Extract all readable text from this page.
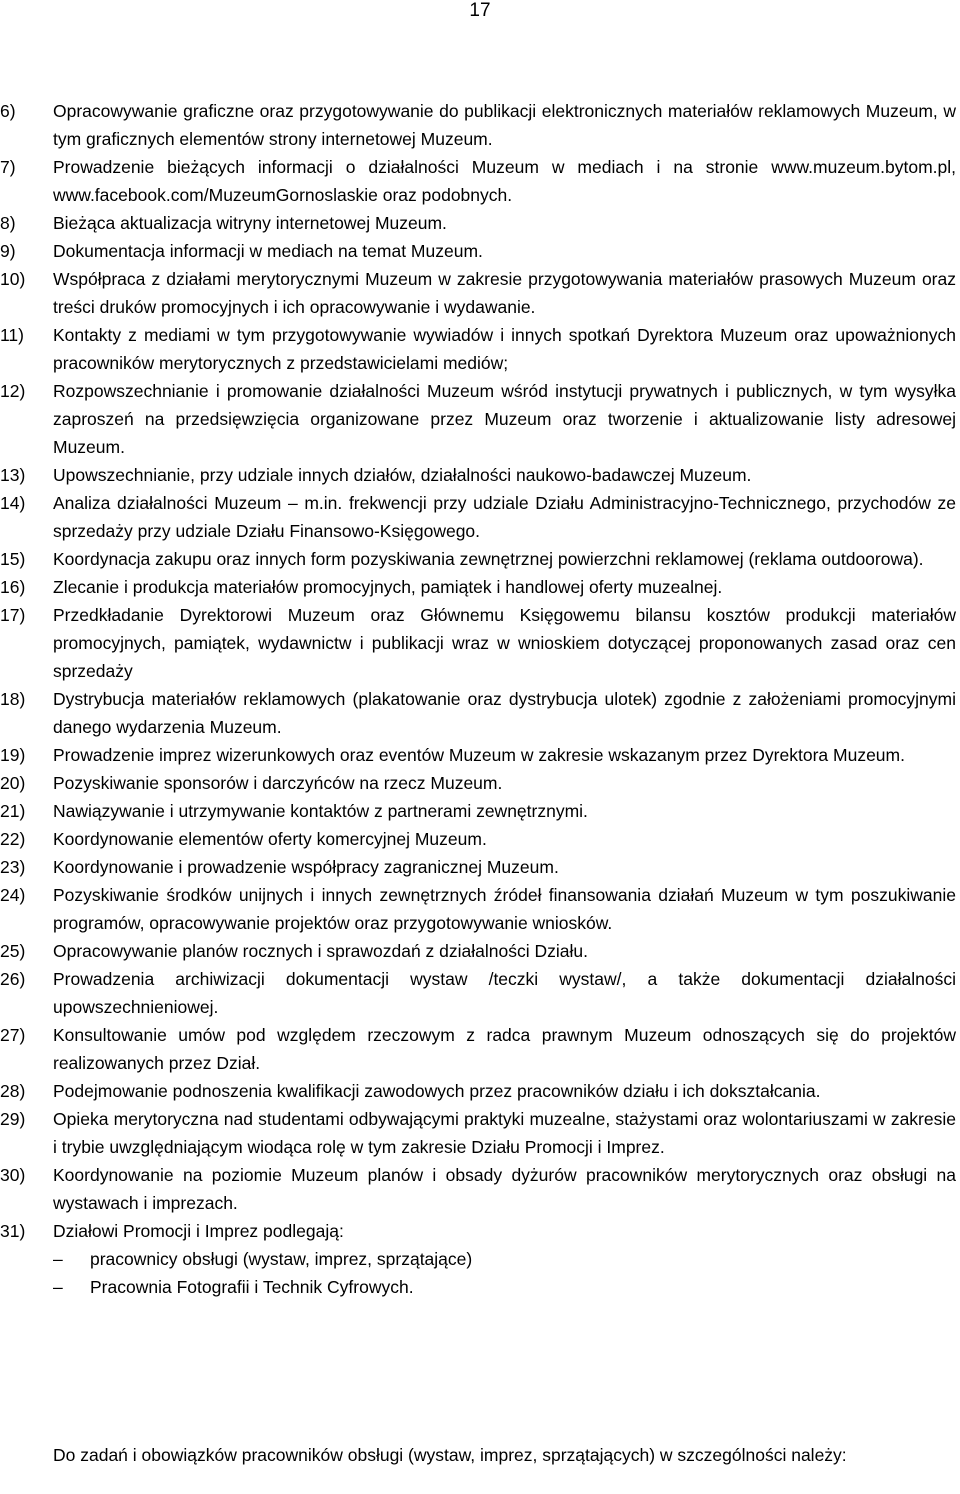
17
6)	Opracowywanie graficzne oraz przygotowywanie do publikacji elektronicznych materiałów reklamowych Muzeum, w tym graficznych elementów strony internetowej Muzeum.
7)	Prowadzenie bieżących informacji o działalności Muzeum w mediach i na stronie www.muzeum.bytom.pl, www.facebook.com/MuzeumGornoslaskie oraz podobnych.
8)	Bieżąca aktualizacja witryny internetowej Muzeum.
9)	Dokumentacja informacji w mediach na temat Muzeum.
10)	Współpraca z działami merytorycznymi Muzeum w zakresie przygotowywania materiałów prasowych Muzeum oraz treści druków promocyjnych i ich opracowywanie i wydawanie.
11)	Kontakty z mediami w tym przygotowywanie wywiadów i innych spotkań Dyrektora Muzeum oraz upoważnionych pracowników merytorycznych z przedstawicielami mediów;
12)	Rozpowszechnianie i promowanie działalności Muzeum wśród instytucji prywatnych i publicznych, w tym wysyłka zaproszeń na przedsięwzięcia organizowane przez Muzeum oraz tworzenie i aktualizowanie listy adresowej Muzeum.
13)	Upowszechnianie, przy udziale innych działów, działalności naukowo-badawczej Muzeum.
14)	Analiza działalności Muzeum – m.in. frekwencji przy udziale Działu Administracyjno-Technicznego, przychodów ze sprzedaży przy udziale Działu Finansowo-Księgowego.
15)	Koordynacja zakupu oraz innych form pozyskiwania zewnętrznej powierzchni reklamowej (reklama outdoorowa).
16)	Zlecanie i produkcja materiałów promocyjnych, pamiątek i handlowej oferty muzealnej.
17)	Przedkładanie Dyrektorowi Muzeum oraz Głównemu Księgowemu bilansu kosztów produkcji materiałów promocyjnych, pamiątek, wydawnictw i publikacji wraz w wnioskiem dotyczącej proponowanych zasad oraz cen sprzedaży
18)	Dystrybucja materiałów reklamowych (plakatowanie oraz dystrybucja ulotek) zgodnie z założeniami promocyjnymi danego wydarzenia Muzeum.
19)	Prowadzenie imprez wizerunkowych oraz eventów Muzeum w zakresie wskazanym przez Dyrektora Muzeum.
20)	Pozyskiwanie sponsorów i darczyńców na rzecz Muzeum.
21)	Nawiązywanie i utrzymywanie kontaktów z partnerami zewnętrznymi.
22)	Koordynowanie elementów oferty komercyjnej Muzeum.
23)	Koordynowanie i prowadzenie współpracy zagranicznej Muzeum.
24)	Pozyskiwanie środków unijnych i innych zewnętrznych źródeł finansowania działań Muzeum w tym poszukiwanie programów, opracowywanie projektów oraz przygotowywanie wniosków.
25)	Opracowywanie planów rocznych i sprawozdań z działalności Działu.
26)	Prowadzenia archiwizacji dokumentacji wystaw /teczki wystaw/, a także dokumentacji działalności upowszechnieniowej.
27)	Konsultowanie umów pod względem rzeczowym z radca prawnym Muzeum odnoszących się do projektów realizowanych przez Dział.
28)	Podejmowanie podnoszenia kwalifikacji zawodowych przez pracowników działu i ich dokształcania.
29)	Opieka merytoryczna nad studentami odbywającymi praktyki muzealne, stażystami oraz wolontariuszami w zakresie i trybie uwzględniającym wiodąca rolę w tym zakresie Działu Promocji i Imprez.
30)	Koordynowanie na poziomie Muzeum planów i obsady dyżurów pracowników merytorycznych oraz obsługi na wystawach i imprezach.
31)	Działowi Promocji i Imprez podlegają:
–	pracownicy obsługi (wystaw, imprez, sprzątające)
–	Pracownia Fotografii i Technik Cyfrowych.
Do zadań i obowiązków pracowników obsługi (wystaw, imprez, sprzątających) w szczególności należy:
